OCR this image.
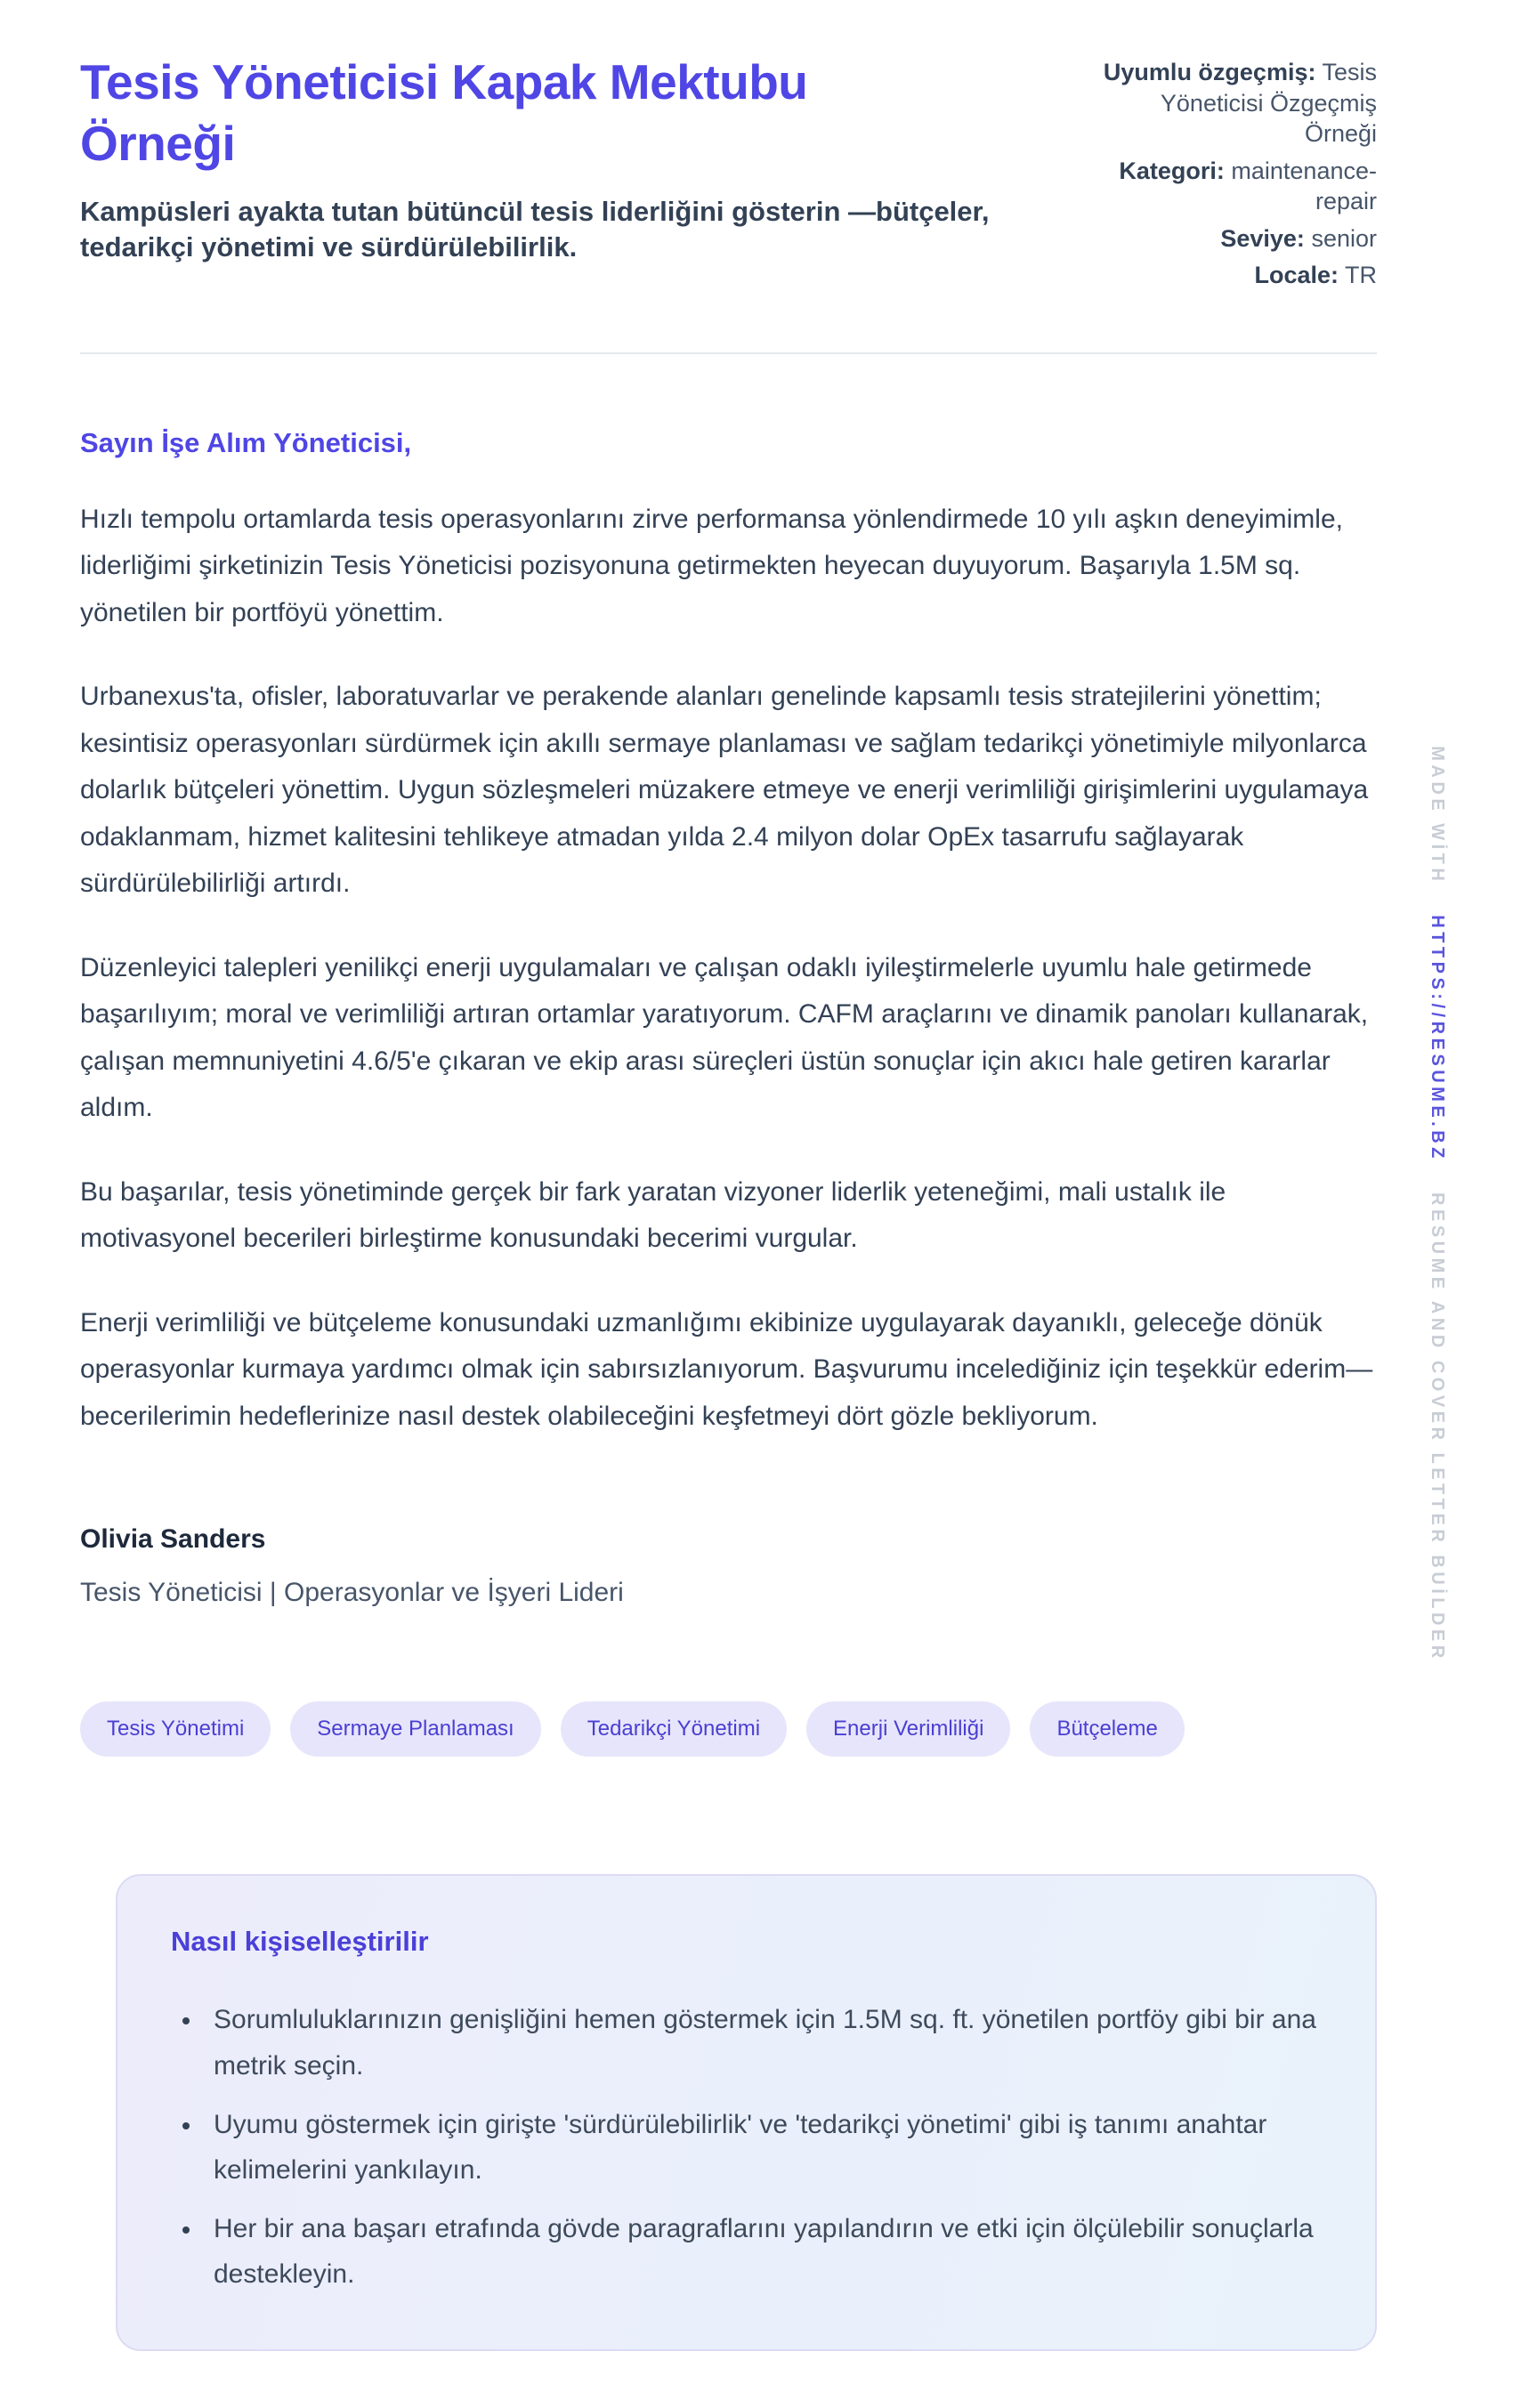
Tesis Yöneticisi Kapak Mektubu Örneği
Kampüsleri ayakta tutan bütüncül tesis liderliğini gösterin —bütçeler, tedarikçi yönetimi ve sürdürülebilirlik.
Uyumlu özgeçmiş: Tesis Yöneticisi Özgeçmiş Örneği
Kategori: maintenance-repair
Seviye: senior
Locale: TR
Sayın İşe Alım Yöneticisi,

Hızlı tempolu ortamlarda tesis operasyonlarını zirve performansa yönlendirmede 10 yılı aşkın deneyimimle, liderliğimi şirketinizin Tesis Yöneticisi pozisyonuna getirmekten heyecan duyuyorum. Başarıyla 1.5M sq. yönetilen bir portföyü yönettim.

Urbanexus'ta, ofisler, laboratuvarlar ve perakende alanları genelinde kapsamlı tesis stratejilerini yönettim; kesintisiz operasyonları sürdürmek için akıllı sermaye planlaması ve sağlam tedarikçi yönetimiyle milyonlarca dolarlık bütçeleri yönettim. Uygun sözleşmeleri müzakere etmeye ve enerji verimliliği girişimlerini uygulamaya odaklanmam, hizmet kalitesini tehlikeye atmadan yılda 2.4 milyon dolar OpEx tasarrufu sağlayarak sürdürülebilirliği artırdı.

Düzenleyici talepleri yenilikçi enerji uygulamaları ve çalışan odaklı iyileştirmelerle uyumlu hale getirmede başarılıyım; moral ve verimliliği artıran ortamlar yaratıyorum. CAFM araçlarını ve dinamik panoları kullanarak, çalışan memnuniyetini 4.6/5'e çıkaran ve ekip arası süreçleri üstün sonuçlar için akıcı hale getiren kararlar aldım.

Bu başarılar, tesis yönetiminde gerçek bir fark yaratan vizyoner liderlik yeteneğimi, mali ustalık ile motivasyonel becerileri birleştirme konusundaki becerimi vurgular.

Enerji verimliliği ve bütçeleme konusundaki uzmanlığımı ekibinize uygulayarak dayanıklı, geleceğe dönük operasyonlar kurmaya yardımcı olmak için sabırsızlanıyorum. Başvurumu incelediğiniz için teşekkür ederim—becerilerimin hedeflerinize nasıl destek olabileceğini keşfetmeyi dört gözle bekliyorum.

Olivia Sanders
Tesis Yöneticisi | Operasyonlar ve İşyeri Lideri
Tesis Yönetimi	Sermaye Planlaması	Tedarikçi Yönetimi	Enerji Verimliliği	Bütçeleme
Nasıl kişiselleştirilir
• Sorumluluklarınızın genişliğini hemen göstermek için 1.5M sq. ft. yönetilen portföy gibi bir ana metrik seçin.
• Uyumu göstermek için girişte 'sürdürülebilirlik' ve 'tedarikçi yönetimi' gibi iş tanımı anahtar kelimelerini yankılayın.
• Her bir ana başarı etrafında gövde paragraflarını yapılandırın ve etki için ölçülebilir sonuçlarla destekleyin.
MADE WİTH HTTPS://RESUME.BZ RESUME AND COVER LETTER BUİLDER
